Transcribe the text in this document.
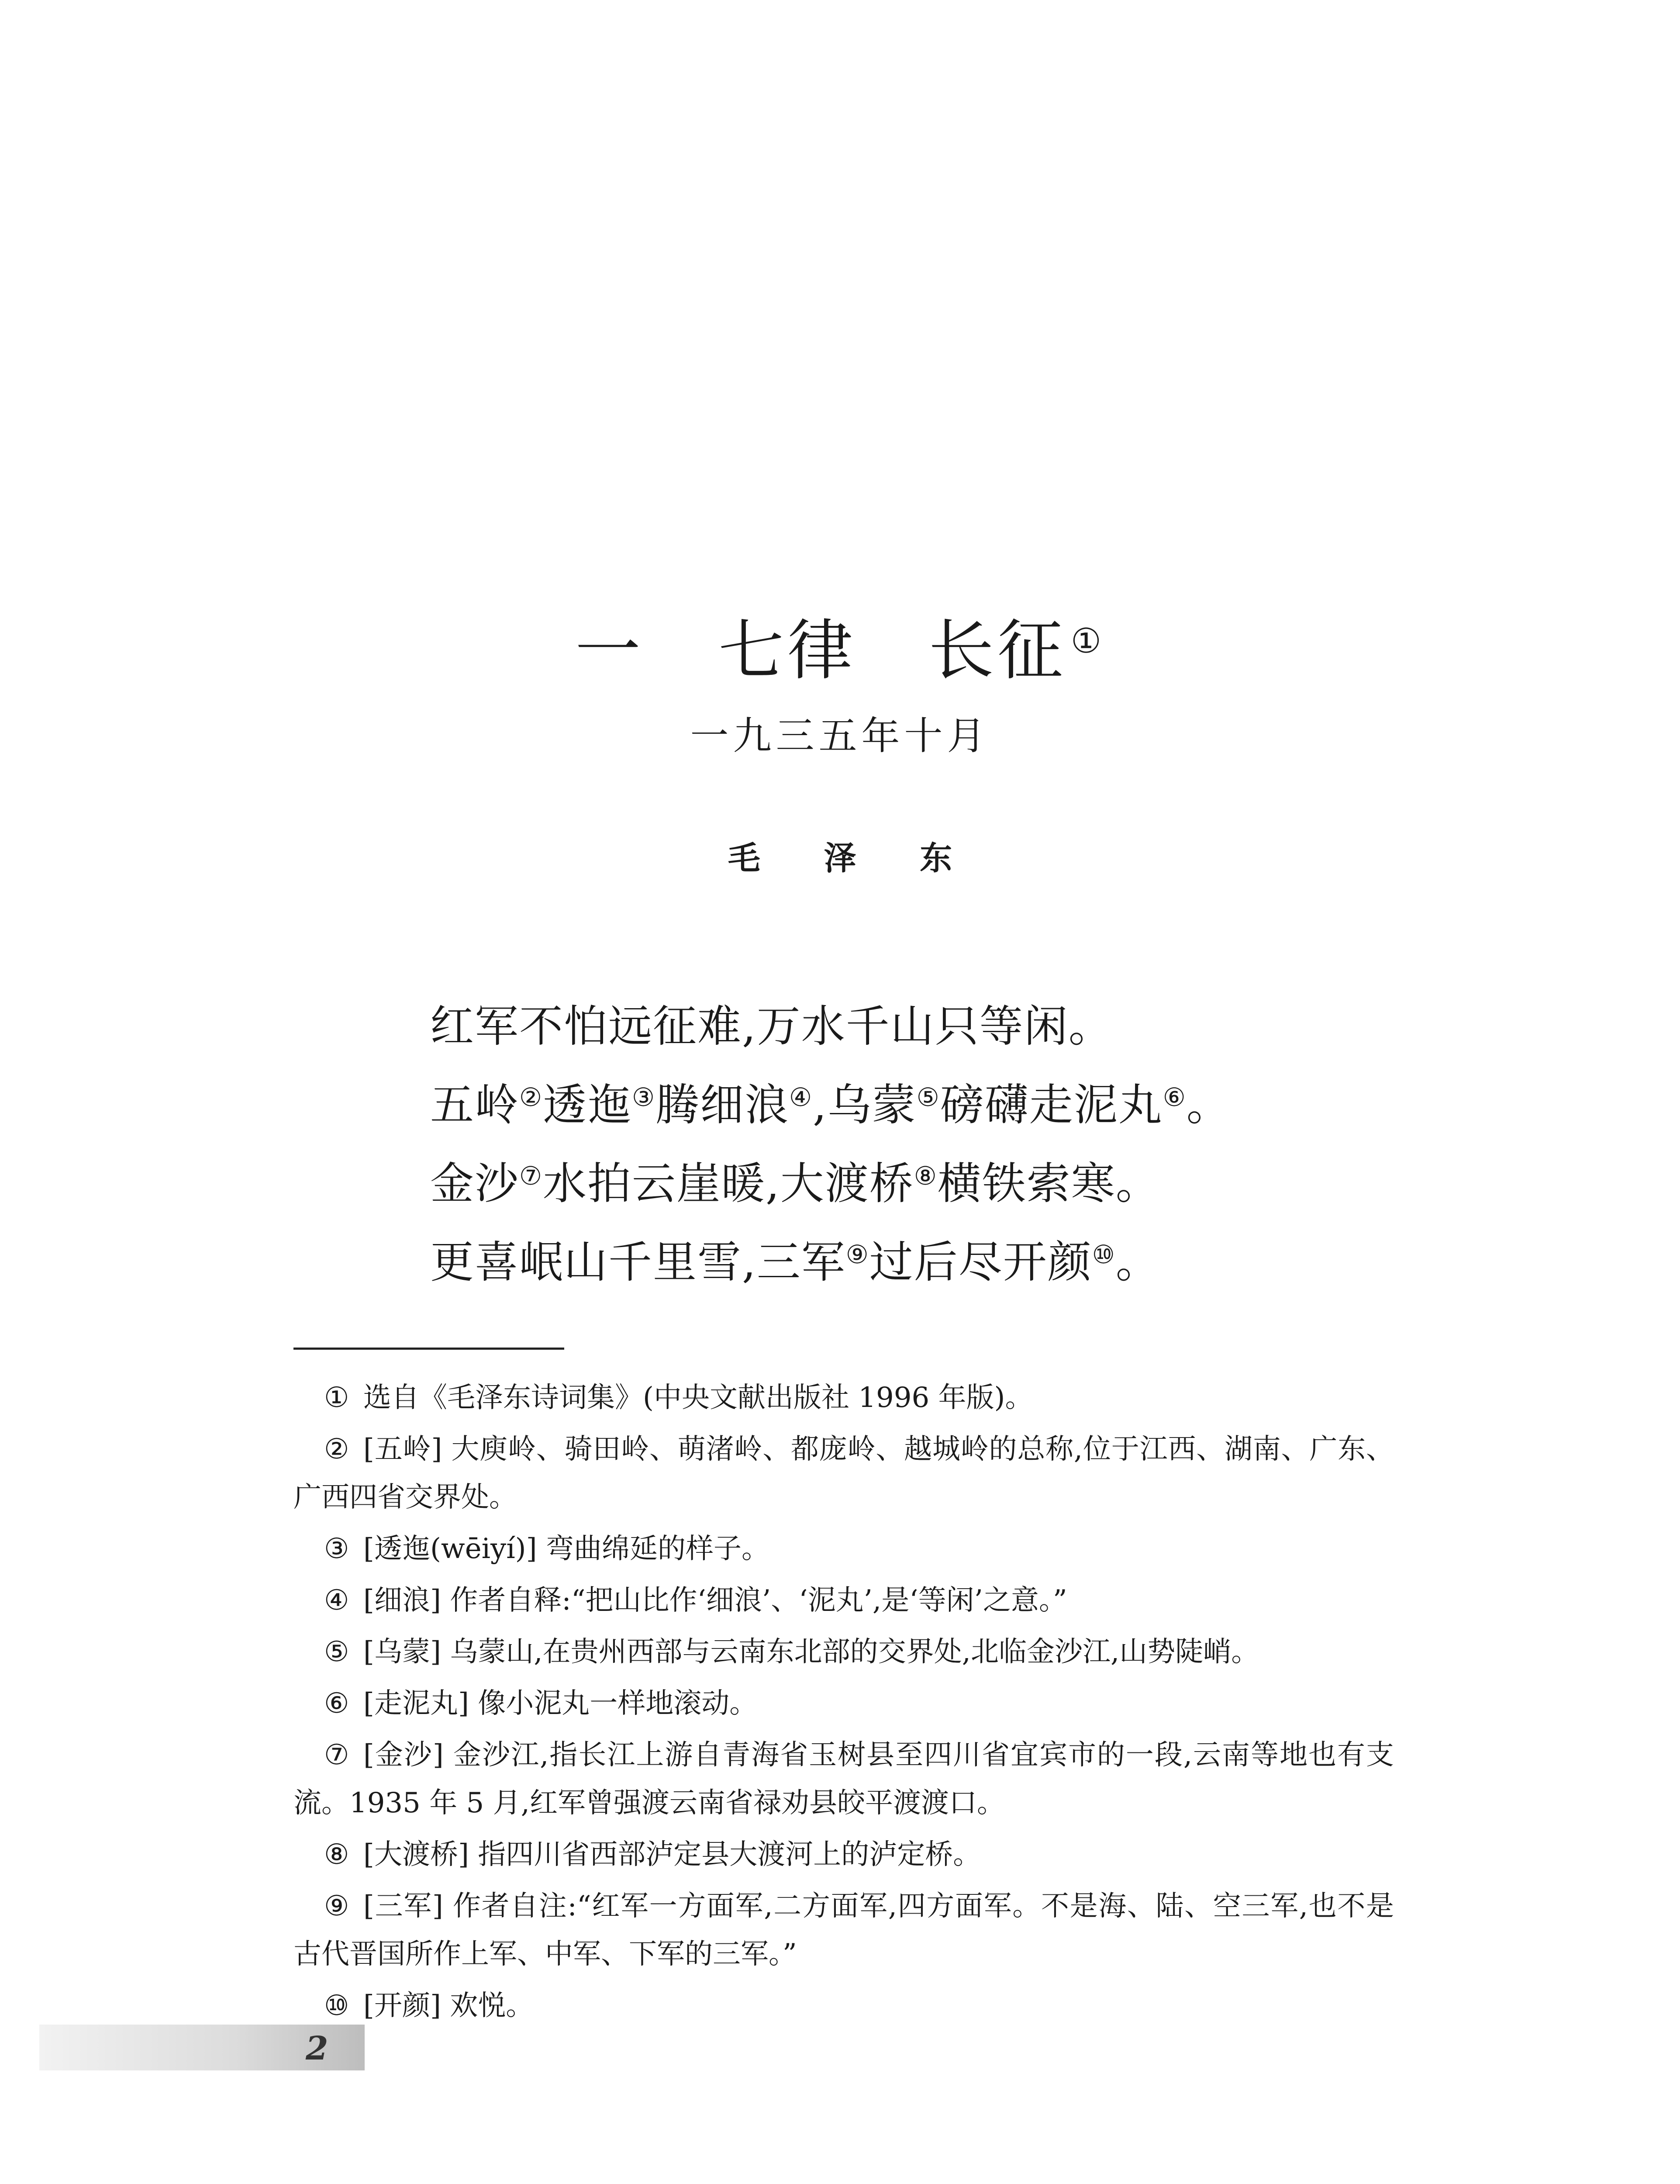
一 七律 长征 ①
一九三五年十月
毛 泽 东
红军不怕远征难,万水千山只等闲。
五岭②透迤③腾细浪④,乌蒙⑤磅礴走泥丸⑥。
金沙⑦水拍云崖暖,大渡桥⑧横铁索寒。
更喜岷山千里雪,三军⑨过后尽开颜⑩。

① 选自《毛泽东诗词集》(中央文献出版社 1996 年版)。

② [五岭] 大庾岭、骑田岭、萌渚岭、都庞岭、越城岭的总称,位于江西、湖南、广东、广西四省交界处。

③ [透迤(wēiyí)] 弯曲绵延的样子。

④ [细浪] 作者自释:“把山比作‘细浪’、‘泥丸’,是‘等闲’之意。”

⑤ [乌蒙] 乌蒙山,在贵州西部与云南东北部的交界处,北临金沙江,山势陡峭。

⑥ [走泥丸] 像小泥丸一样地滚动。

⑦ [金沙] 金沙江,指长江上游自青海省玉树县至四川省宜宾市的一段,云南等地也有支流。1935 年 5 月,红军曾强渡云南省禄劝县皎平渡渡口。

⑧ [大渡桥] 指四川省西部泸定县大渡河上的泸定桥。

⑨ [三军] 作者自注:“红军一方面军,二方面军,四方面军。不是海、陆、空三军,也不是古代晋国所作上军、中军、下军的三军。”

⑩ [开颜] 欢悦。

2
